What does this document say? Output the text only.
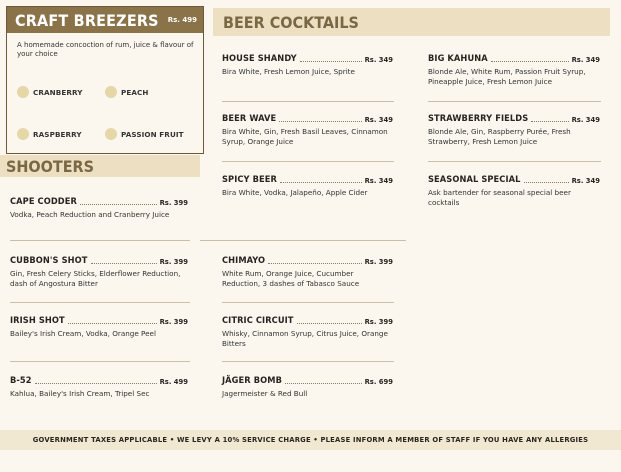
CRAFT BREEZERS Rs. 499
A homemade concoction of rum, juice & flavour of your choice
CRANBERRY	PEACH
RASPBERRY	PASSION FRUIT
SHOOTERS
BEER COCKTAILS
HOUSE SHANDY	Rs. 349
Bira White, Fresh Lemon Juice, Sprite
BIG KAHUNA	Rs. 349
Blonde Ale, White Rum, Passion Fruit Syrup, Pineapple Juice, Fresh Lemon Juice
BEER WAVE	Rs. 349
Bira White, Gin, Fresh Basil Leaves, Cinnamon Syrup, Orange Juice
STRAWBERRY FIELDS	Rs. 349
Blonde Ale, Gin, Raspberry Purée, Fresh Strawberry, Fresh Lemon Juice
SPICY BEER	Rs. 349
Bira White, Vodka, Jalapeño, Apple Cider
SEASONAL SPECIAL	Rs. 349
Ask bartender for seasonal special beer cocktails
CAPE CODDER	Rs. 399
Vodka, Peach Reduction and Cranberry Juice
CUBBON'S SHOT	Rs. 399
Gin, Fresh Celery Sticks, Elderflower Reduction, dash of Angostura Bitter
IRISH SHOT	Rs. 399
Bailey's Irish Cream, Vodka, Orange Peel
B-52	Rs. 499
Kahlua, Bailey's Irish Cream, Tripel Sec
CHIMAYO	Rs. 399
White Rum, Orange Juice, Cucumber Reduction, 3 dashes of Tabasco Sauce
CITRIC CIRCUIT	Rs. 399
Whisky, Cinnamon Syrup, Citrus Juice, Orange Bitters
JÄGER BOMB	Rs. 699
Jagermeister & Red Bull
GOVERNMENT TAXES APPLICABLE • WE LEVY A 10% SERVICE CHARGE • PLEASE INFORM A MEMBER OF STAFF IF YOU HAVE ANY ALLERGIES
